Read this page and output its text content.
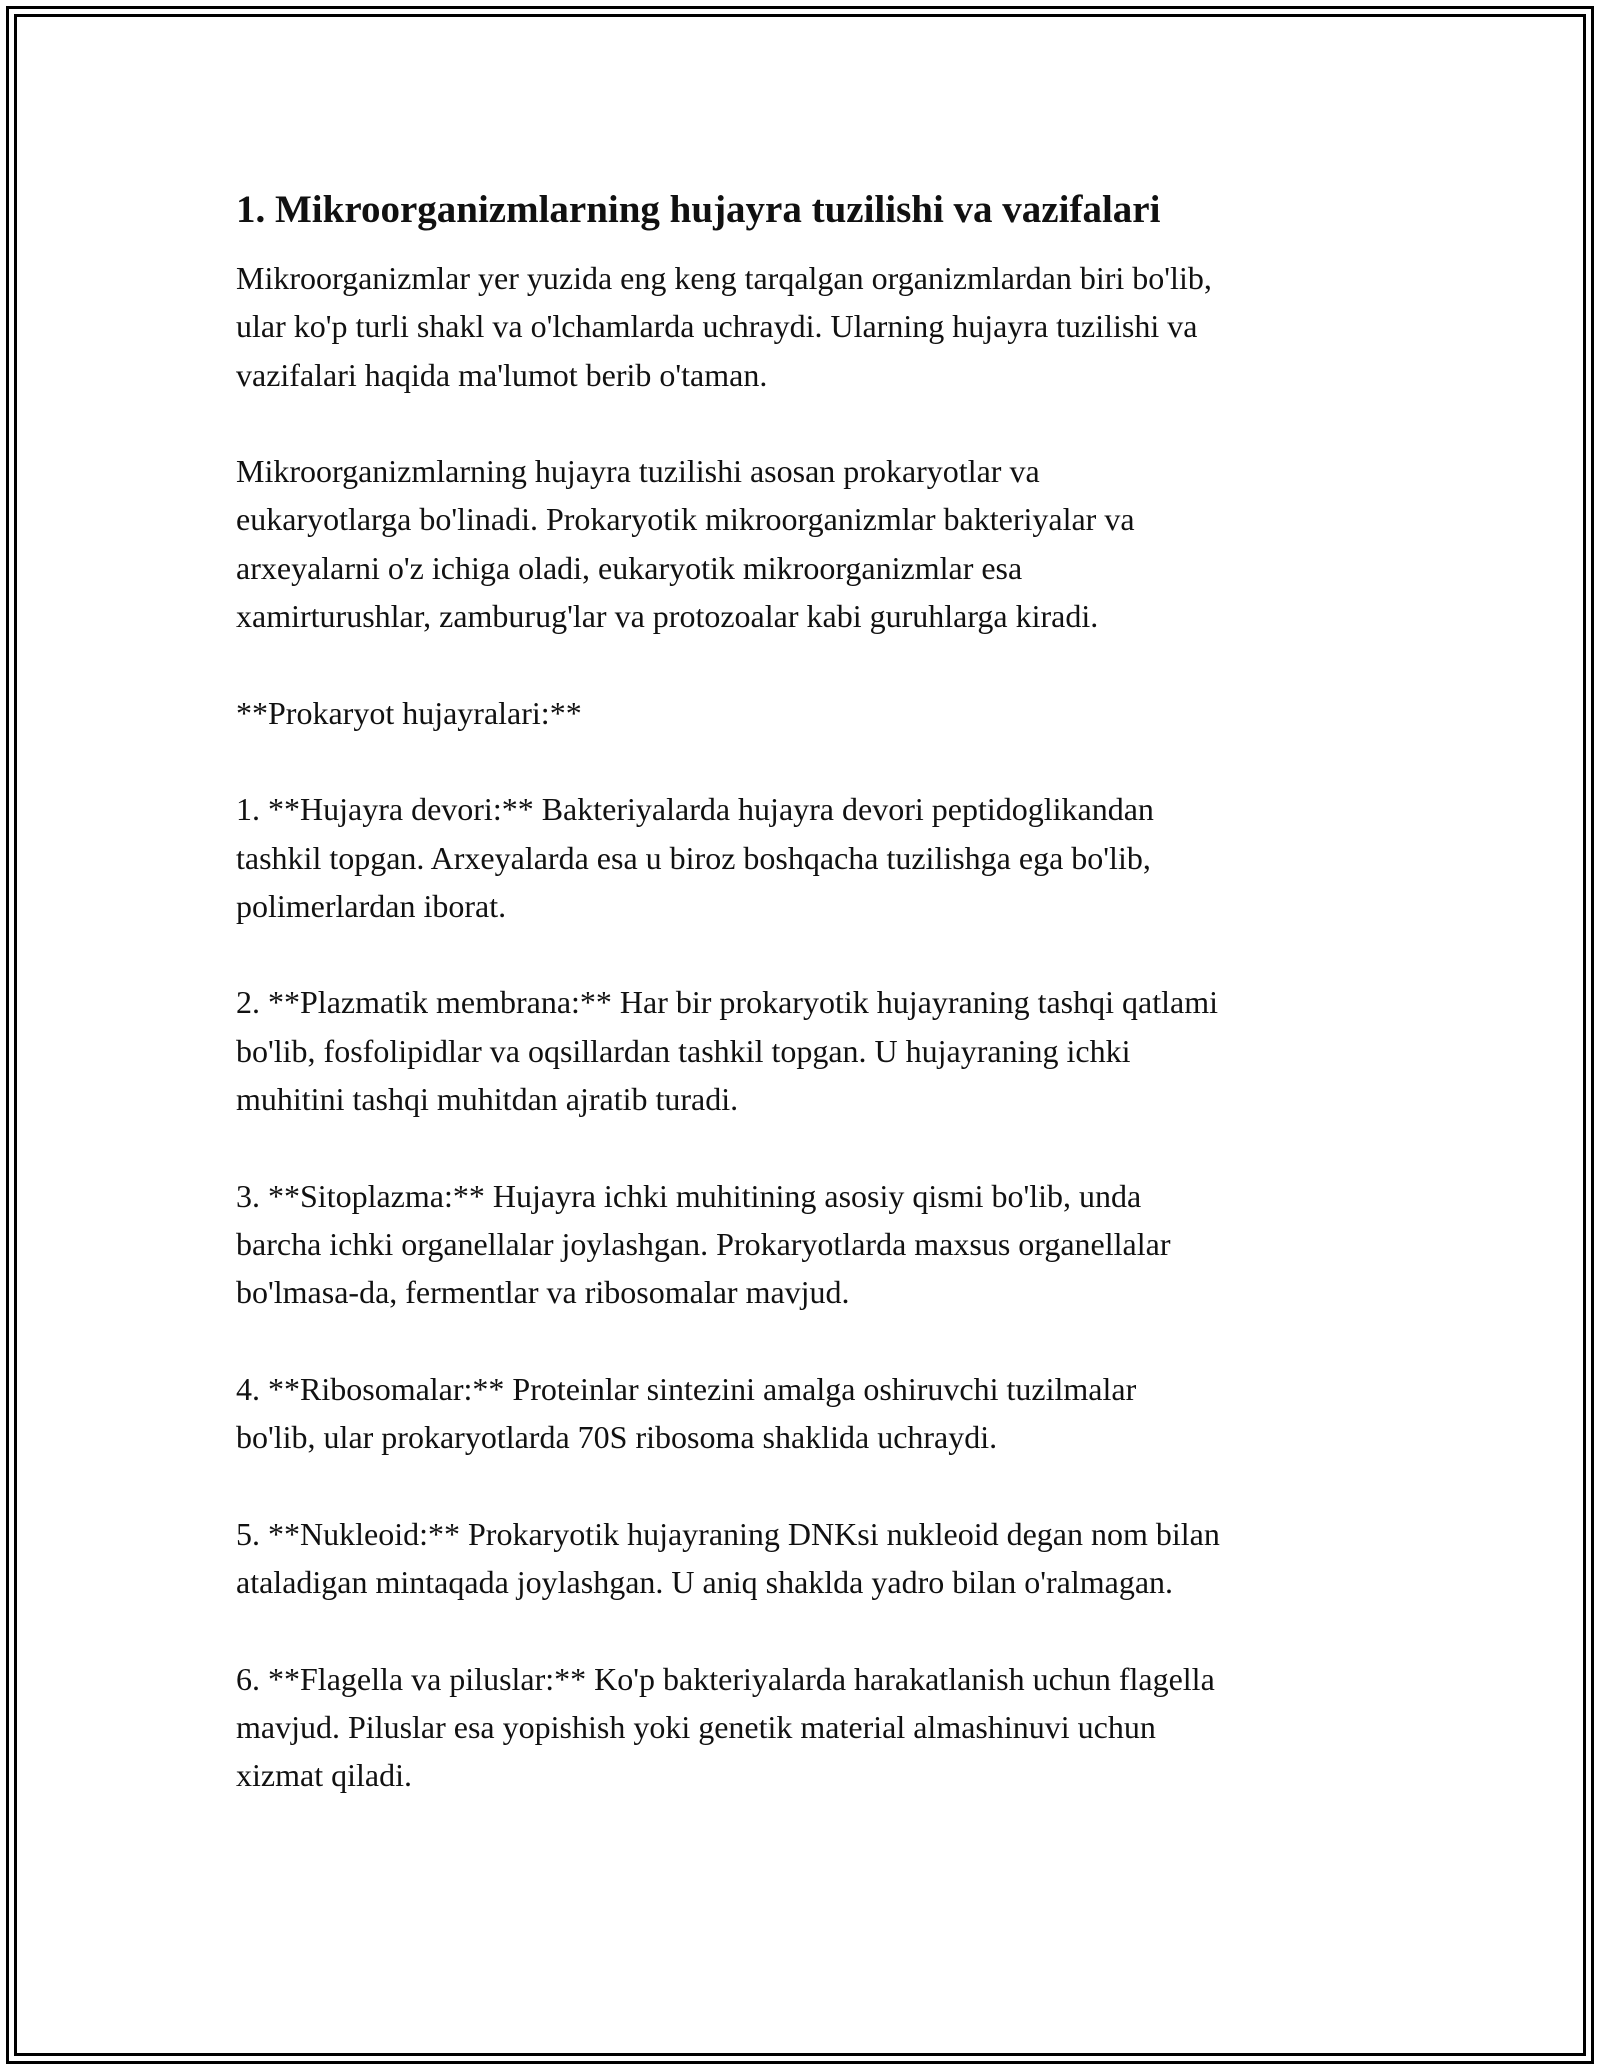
1. Mikroorganizmlarning hujayra tuzilishi va vazifalari

Mikroorganizmlar yer yuzida eng keng tarqalgan organizmlardan biri bo'lib,
ular ko'p turli shakl va o'lchamlarda uchraydi. Ularning hujayra tuzilishi va
vazifalari haqida ma'lumot berib o'taman.

Mikroorganizmlarning hujayra tuzilishi asosan prokaryotlar va
eukaryotlarga bo'linadi. Prokaryotik mikroorganizmlar bakteriyalar va
arxeyalarni o'z ichiga oladi, eukaryotik mikroorganizmlar esa
xamirturushlar, zamburug'lar va protozoalar kabi guruhlarga kiradi.

**Prokaryot hujayralari:**

1. **Hujayra devori:** Bakteriyalarda hujayra devori peptidoglikandan
tashkil topgan. Arxeyalarda esa u biroz boshqacha tuzilishga ega bo'lib,
polimerlardan iborat.

2. **Plazmatik membrana:** Har bir prokaryotik hujayraning tashqi qatlami
bo'lib, fosfolipidlar va oqsillardan tashkil topgan. U hujayraning ichki
muhitini tashqi muhitdan ajratib turadi.

3. **Sitoplazma:** Hujayra ichki muhitining asosiy qismi bo'lib, unda
barcha ichki organellalar joylashgan. Prokaryotlarda maxsus organellalar
bo'lmasa-da, fermentlar va ribosomalar mavjud.

4. **Ribosomalar:** Proteinlar sintezini amalga oshiruvchi tuzilmalar
bo'lib, ular prokaryotlarda 70S ribosoma shaklida uchraydi.

5. **Nukleoid:** Prokaryotik hujayraning DNKsi nukleoid degan nom bilan
ataladigan mintaqada joylashgan. U aniq shaklda yadro bilan o'ralmagan.

6. **Flagella va piluslar:** Ko'p bakteriyalarda harakatlanish uchun flagella
mavjud. Piluslar esa yopishish yoki genetik material almashinuvi uchun
xizmat qiladi.
